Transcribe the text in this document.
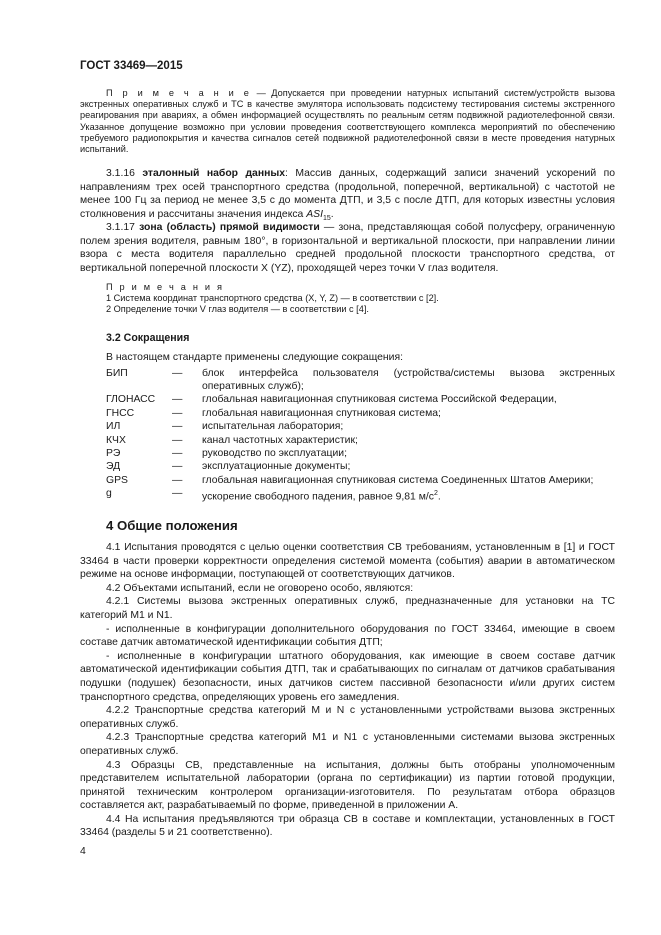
ГОСТ 33469—2015
П р и м е ч а н и е — Допускается при проведении натурных испытаний систем/устройств вызова экстренных оперативных служб и ТС в качестве эмулятора использовать подсистему тестирования системы экстренного реагирования при авариях, а обмен информацией осуществлять по реальным сетям подвижной радиотелефонной связи. Указанное допущение возможно при условии проведения соответствующего комплекса мероприятий по обеспечению требуемого радиопокрытия и качества сигналов сетей подвижной радиотелефонной связи в месте проведения натурных испытаний.
3.1.16 эталонный набор данных: Массив данных, содержащий записи значений ускорений по направлениям трех осей транспортного средства (продольной, поперечной, вертикальной) с частотой не менее 100 Гц за период не менее 3,5 с до момента ДТП, и 3,5 с после ДТП, для которых известны условия столкновения и рассчитаны значения индекса $ASI_{15}$.
3.1.17 зона (область) прямой видимости — зона, представляющая собой полусферу, ограниченную полем зрения водителя, равным 180°, в горизонтальной и вертикальной плоскости, при направлении линии взора с места водителя параллельно средней продольной плоскости транспортного средства, от вертикальной поперечной плоскости X (YZ), проходящей через точки V глаз водителя.

П р и м е ч а н и я

1 Система координат транспортного средства (X, Y, Z) — в соответствии с [2].

2 Определение точки V глаз водителя — в соответствии с [4].

3.2 Сокращения

В настоящем стандарте применены следующие сокращения:

БИП	—	блок интерфейса пользователя (устройства/системы вызова экстренных оперативных служб);
ГЛОНАСС	—	глобальная навигационная спутниковая система Российской Федерации,
ГНСС	—	глобальная навигационная спутниковая система;
ИЛ	—	испытательная лаборатория;
КЧХ	—	канал частотных характеристик;
РЭ	—	руководство по эксплуатации;
ЭД	—	эксплуатационные документы;
GPS	—	глобальная навигационная спутниковая система Соединенных Штатов Америки;
g	—	ускорение свободного падения, равное 9,81 $м/с^2$.

4 Общие положения

4.1 Испытания проводятся с целью оценки соответствия СВ требованиям, установленным в [1] и ГОСТ 33464 в части проверки корректности определения системой момента (события) аварии в автоматическом режиме на основе информации, поступающей от соответствующих датчиков.

4.2 Объектами испытаний, если не оговорено особо, являются:

4.2.1 Системы вызова экстренных оперативных служб, предназначенные для установки на ТС категорий М1 и N1.

- исполненные в конфигурации дополнительного оборудования по ГОСТ 33464, имеющие в своем составе датчик автоматической идентификации события ДТП;

- исполненные в конфигурации штатного оборудования, как имеющие в своем составе датчик автоматической идентификации события ДТП, так и срабатывающих по сигналам от датчиков срабатывания подушки (подушек) безопасности, иных датчиков систем пассивной безопасности и/или других систем транспортного средства, определяющих уровень его замедления.

4.2.2 Транспортные средства категорий М и N с установленными устройствами вызова экстренных оперативных служб.

4.2.3 Транспортные средства категорий М1 и N1 с установленными системами вызова экстренных оперативных служб.

4.3 Образцы СВ, представленные на испытания, должны быть отобраны уполномоченным представителем испытательной лаборатории (органа по сертификации) из партии готовой продукции, принятой техническим контролером организации-изготовителя. По результатам отбора образцов составляется акт, разрабатываемый по форме, приведенной в приложении А.

4.4 На испытания предъявляются три образца СВ в составе и комплектации, установленных в ГОСТ 33464 (разделы 5 и 21 соответственно).

4
